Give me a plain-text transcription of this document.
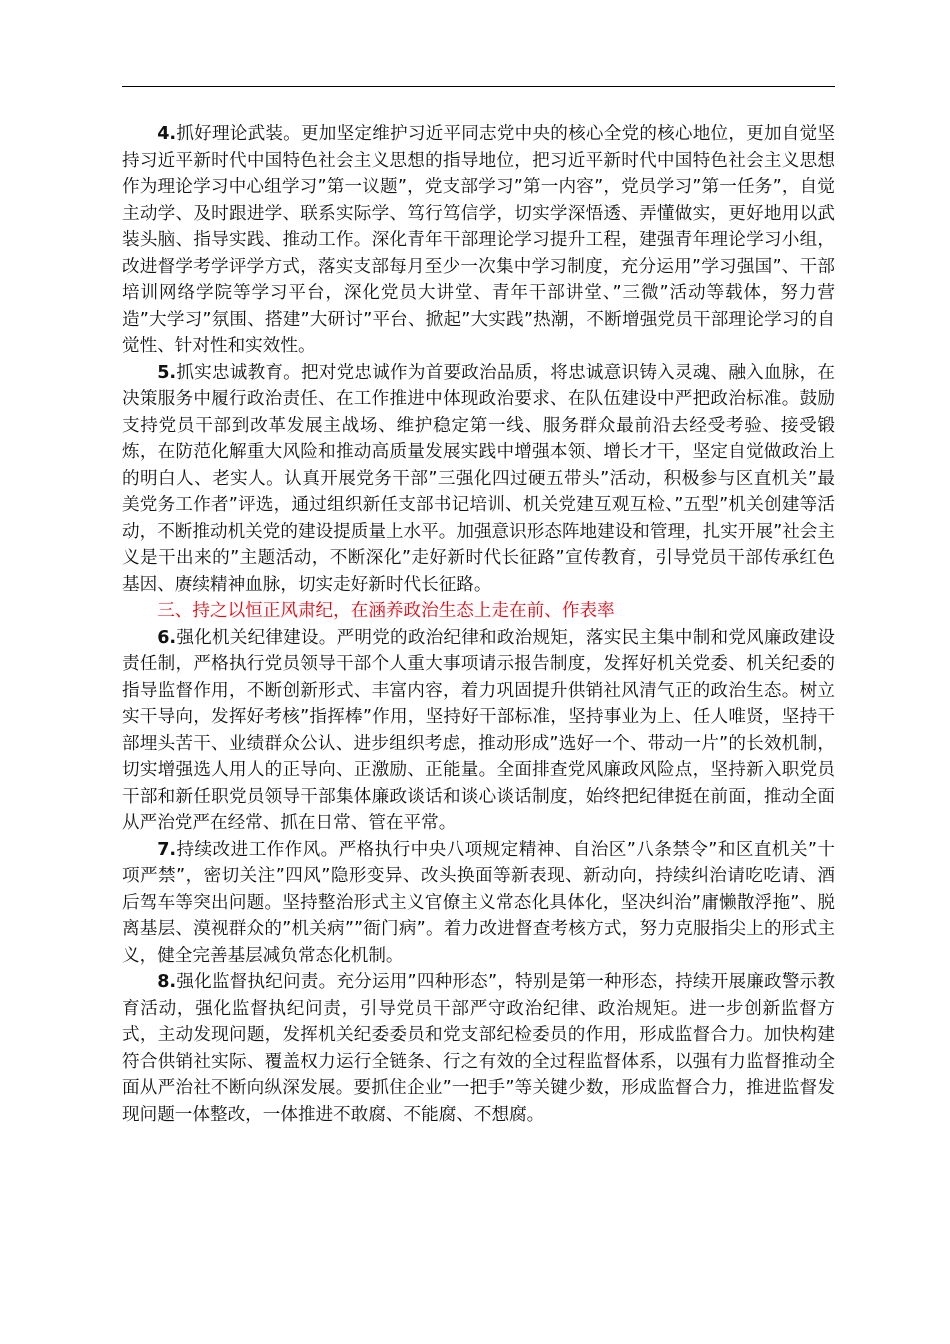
4.抓好理论武装。更加坚定维护习近平同志党中央的核心全党的核心地位，更加自觉坚持习近平新时代中国特色社会主义思想的指导地位，把习近平新时代中国特色社会主义思想作为理论学习中心组学习”第一议题”，党支部学习”第一内容”，党员学习”第一任务”，自觉主动学、及时跟进学、联系实际学、笃行笃信学，切实学深悟透、弄懂做实，更好地用以武装头脑、指导实践、推动工作。深化青年干部理论学习提升工程，建强青年理论学习小组，改进督学考学评学方式，落实支部每月至少一次集中学习制度，充分运用”学习强国”、干部培训网络学院等学习平台，深化党员大讲堂、青年干部讲堂、”三微”活动等载体，努力营造”大学习”氛围、搭建”大研讨”平台、掀起”大实践”热潮，不断增强党员干部理论学习的自觉性、针对性和实效性。

5.抓实忠诚教育。把对党忠诚作为首要政治品质，将忠诚意识铸入灵魂、融入血脉，在决策服务中履行政治责任、在工作推进中体现政治要求、在队伍建设中严把政治标准。鼓励支持党员干部到改革发展主战场、维护稳定第一线、服务群众最前沿去经受考验、接受锻炼，在防范化解重大风险和推动高质量发展实践中增强本领、增长才干，坚定自觉做政治上的明白人、老实人。认真开展党务干部”三强化四过硬五带头”活动，积极参与区直机关”最美党务工作者”评选，通过组织新任支部书记培训、机关党建互观互检、”五型”机关创建等活动，不断推动机关党的建设提质量上水平。加强意识形态阵地建设和管理，扎实开展”社会主义是干出来的”主题活动，不断深化”走好新时代长征路”宣传教育，引导党员干部传承红色基因、赓续精神血脉，切实走好新时代长征路。

三、持之以恒正风肃纪，在涵养政治生态上走在前、作表率

6.强化机关纪律建设。严明党的政治纪律和政治规矩，落实民主集中制和党风廉政建设责任制，严格执行党员领导干部个人重大事项请示报告制度，发挥好机关党委、机关纪委的指导监督作用，不断创新形式、丰富内容，着力巩固提升供销社风清气正的政治生态。树立实干导向，发挥好考核”指挥棒”作用，坚持好干部标准，坚持事业为上、任人唯贤，坚持干部埋头苦干、业绩群众公认、进步组织考虑，推动形成”选好一个、带动一片”的长效机制，切实增强选人用人的正导向、正激励、正能量。全面排查党风廉政风险点，坚持新入职党员干部和新任职党员领导干部集体廉政谈话和谈心谈话制度，始终把纪律挺在前面，推动全面从严治党严在经常、抓在日常、管在平常。

7.持续改进工作作风。严格执行中央八项规定精神、自治区”八条禁令”和区直机关”十项严禁”，密切关注”四风”隐形变异、改头换面等新表现、新动向，持续纠治请吃吃请、酒后驾车等突出问题。坚持整治形式主义官僚主义常态化具体化，坚决纠治”庸懒散浮拖”、脱离基层、漠视群众的”机关病””衙门病”。着力改进督查考核方式，努力克服指尖上的形式主义，健全完善基层减负常态化机制。

8.强化监督执纪问责。充分运用”四种形态”，特别是第一种形态，持续开展廉政警示教育活动，强化监督执纪问责，引导党员干部严守政治纪律、政治规矩。进一步创新监督方式，主动发现问题，发挥机关纪委委员和党支部纪检委员的作用，形成监督合力。加快构建符合供销社实际、覆盖权力运行全链条、行之有效的全过程监督体系，以强有力监督推动全面从严治社不断向纵深发展。要抓住企业”一把手”等关键少数，形成监督合力，推进监督发现问题一体整改，一体推进不敢腐、不能腐、不想腐。
